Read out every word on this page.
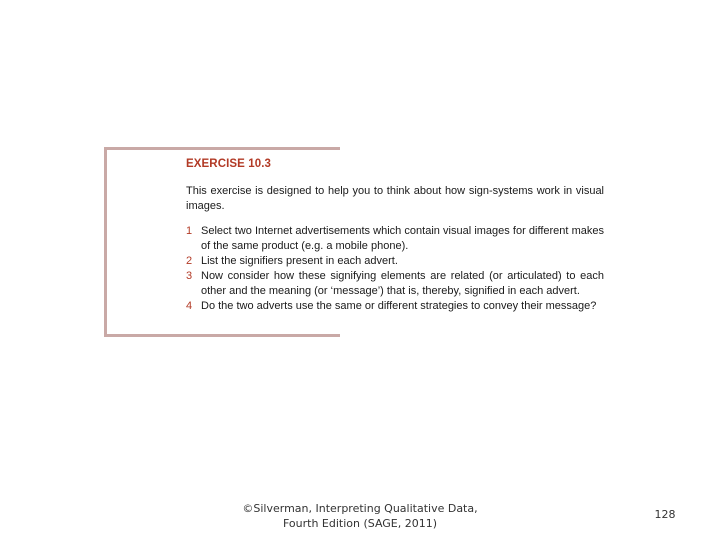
EXERCISE 10.3

This exercise is designed to help you to think about how sign-systems work in visual images.

1 Select two Internet advertisements which contain visual images for different makes of the same product (e.g. a mobile phone).
2 List the signifiers present in each advert.
3 Now consider how these signifying elements are related (or articulated) to each other and the meaning (or ‘message’) that is, thereby, signified in each advert.
4 Do the two adverts use the same or different strategies to convey their message?
©Silverman, Interpreting Qualitative Data,
Fourth Edition (SAGE, 2011)
128
